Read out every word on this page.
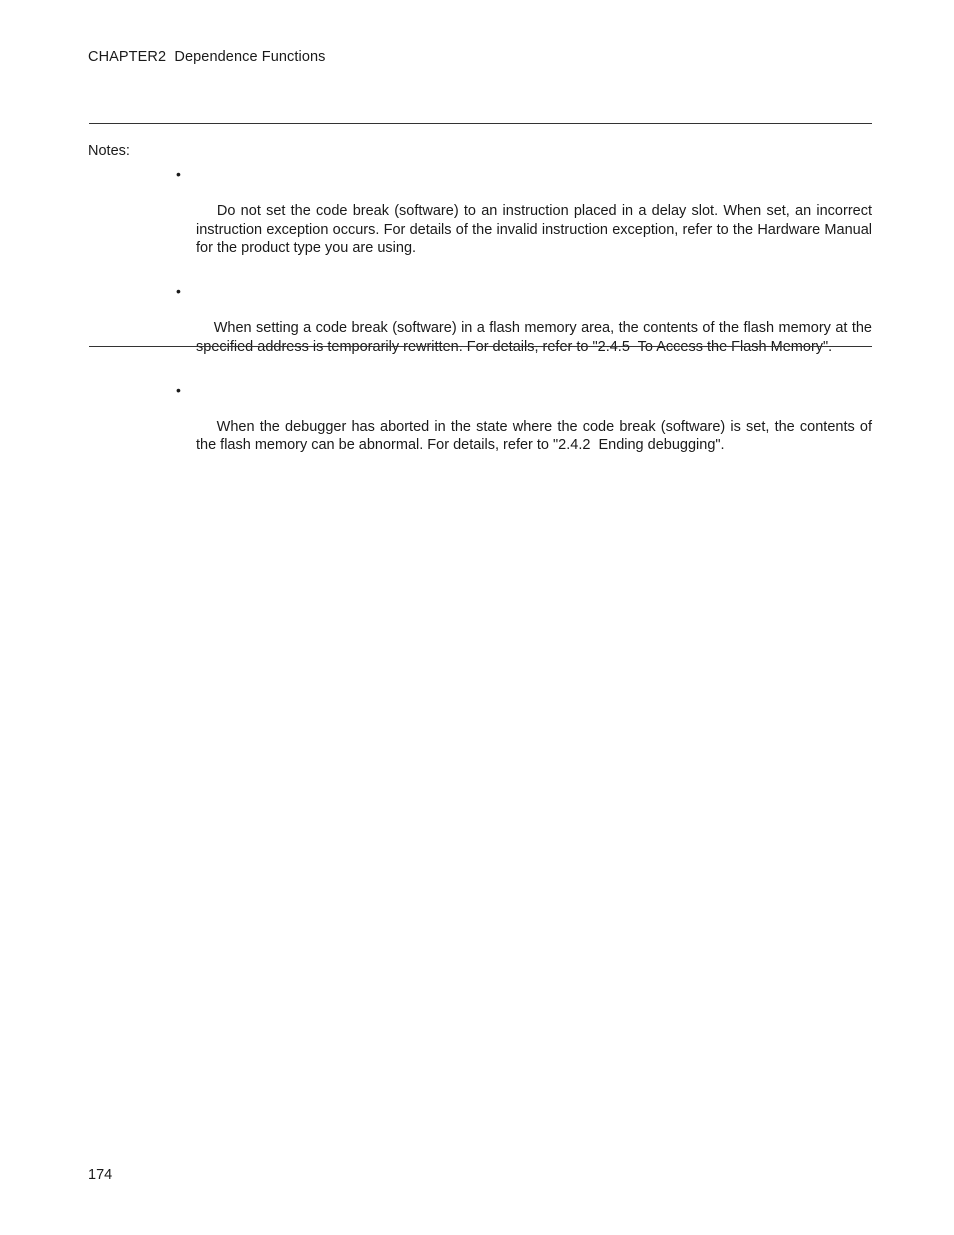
CHAPTER2  Dependence Functions
Notes:

•

Do not set the code break (software) to an instruction placed in a delay slot. When set, an incorrect instruction exception occurs. For details of the invalid instruction exception, refer to the Hardware Manual for the product type you are using.

•

When setting a code break (software) in a flash memory area, the contents of the flash memory at the specified address is temporarily rewritten. For details, refer to "2.4.5  To Access the Flash Memory".

•

When the debugger has aborted in the state where the code break (software) is set, the contents of the flash memory can be abnormal. For details, refer to "2.4.2  Ending debugging".

174
